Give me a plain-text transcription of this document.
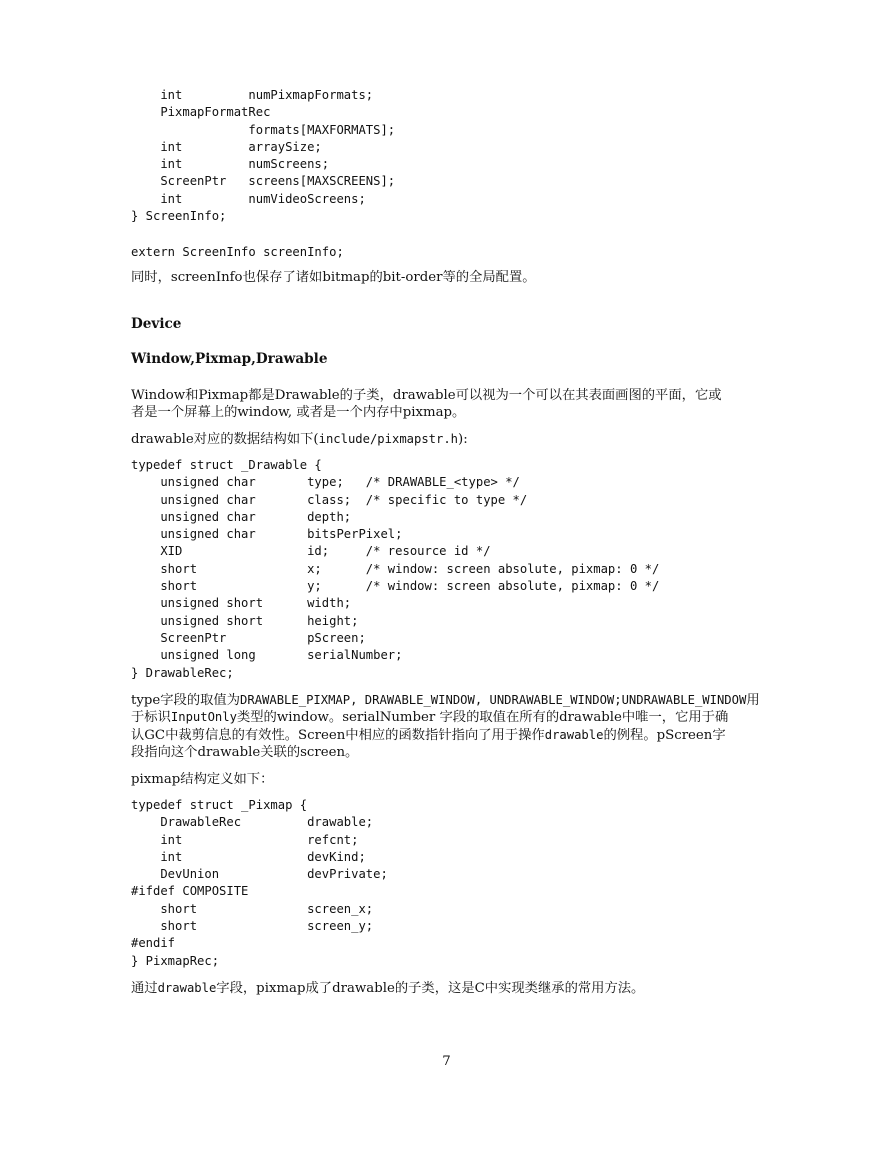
int         numPixmapFormats;
PixmapFormatRec
formats[MAXFORMATS];
int         arraySize;
int         numScreens;
ScreenPtr   screens[MAXSCREENS];
int         numVideoScreens;
} ScreenInfo;
extern ScreenInfo screenInfo;

同时，screenInfo也保存了诸如bitmap的bit-order等的全局配置。

Device
Window,Pixmap,Drawable
Window和Pixmap都是Drawable的子类，drawable可以视为一个可以在其表面画图的平面，它或
者是一个屏幕上的window, 或者是一个内存中pixmap。

drawable对应的数据结构如下(include/pixmapstr.h):

typedef struct _Drawable {
unsigned char       type;   /* DRAWABLE_<type> */
unsigned char       class;  /* specific to type */
unsigned char       depth;
unsigned char       bitsPerPixel;
XID                 id;     /* resource id */
short               x;      /* window: screen absolute, pixmap: 0 */
short               y;      /* window: screen absolute, pixmap: 0 */
unsigned short      width;
unsigned short      height;
ScreenPtr           pScreen;
unsigned long       serialNumber;
} DrawableRec;
type字段的取值为DRAWABLE_PIXMAP, DRAWABLE_WINDOW, UNDRAWABLE_WINDOW;UNDRAWABLE_WINDOW用
于标识InputOnly类型的window。serialNumber 字段的取值在所有的drawable中唯一，它用于确
认GC中裁剪信息的有效性。Screen中相应的函数指针指向了用于操作drawable的例程。pScreen字
段指向这个drawable关联的screen。

pixmap结构定义如下：

typedef struct _Pixmap {
DrawableRec         drawable;
int                 refcnt;
int                 devKind;
DevUnion            devPrivate;
#ifdef COMPOSITE
short               screen_x;
short               screen_y;
#endif
} PixmapRec;

通过drawable字段，pixmap成了drawable的子类，这是C中实现类继承的常用方法。

7
